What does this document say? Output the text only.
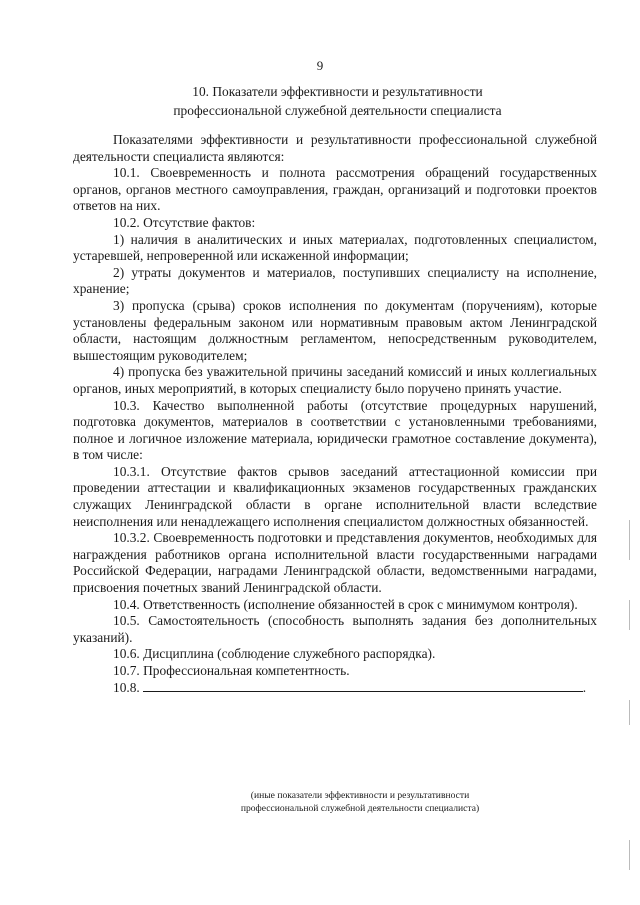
9
10. Показатели эффективности и результативности
профессиональной служебной деятельности специалиста

Показателями эффективности и результативности профессиональной служебной деятельности специалиста являются:

10.1. Своевременность и полнота рассмотрения обращений государственных органов, органов местного самоуправления, граждан, организаций и подготовки проектов ответов на них.

10.2. Отсутствие фактов:

1) наличия в аналитических и иных материалах, подготовленных специалистом, устаревшей, непроверенной или искаженной информации;

2) утраты документов и материалов, поступивших специалисту на исполнение, хранение;

3) пропуска (срыва) сроков исполнения по документам (поручениям), которые установлены федеральным законом или нормативным правовым актом Ленинградской области, настоящим должностным регламентом, непосредственным руководителем, вышестоящим руководителем;

4) пропуска без уважительной причины заседаний комиссий и иных коллегиальных органов, иных мероприятий, в которых специалисту было поручено принять участие.

10.3. Качество выполненной работы (отсутствие процедурных нарушений, подготовка документов, материалов в соответствии с установленными требованиями, полное и логичное изложение материала, юридически грамотное составление документа), в том числе:

10.3.1. Отсутствие фактов срывов заседаний аттестационной комиссии при проведении аттестации и квалификационных экзаменов государственных гражданских служащих Ленинградской области в органе исполнительной власти вследствие неисполнения или ненадлежащего исполнения специалистом должностных обязанностей.

10.3.2. Своевременность подготовки и представления документов, необходимых для награждения работников органа исполнительной власти государственными наградами Российской Федерации, наградами Ленинградской области, ведомственными наградами, присвоения почетных званий Ленинградской области.

10.4. Ответственность (исполнение обязанностей в срок с минимумом контроля).

10.5. Самостоятельность (способность выполнять задания без дополнительных указаний).

10.6. Дисциплина (соблюдение служебного распорядка).

10.7. Профессиональная компетентность.

10.8.	.

(иные показатели эффективности и результативности
профессиональной служебной деятельности специалиста)
